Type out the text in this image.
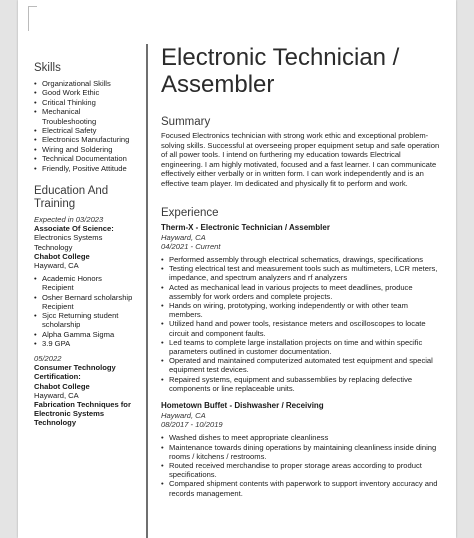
Skills
• Organizational Skills
• Good Work Ethic
• Critical Thinking
• Mechanical Troubleshooting
• Electrical Safety
• Electronics Manufacturing
• Wiring and Soldering
• Technical Documentation
• Friendly, Positive Attitude
Education And Training
Expected in 03/2023
Associate Of Science:
Electronics Systems Technology
Chabot College
Hayward, CA
• Academic Honors Recipient
• Osher Bernard scholarship Recipient
• Sjcc Returning student scholarship
• Alpha Gamma Sigma
• 3.9 GPA
05/2022
Consumer Technology Certification:
Chabot College
Hayward, CA
Fabrication Techniques for Electronic Systems Technology
Electronic Technician / Assembler
Summary
Focused Electronics technician with strong work ethic and exceptional problem-solving skills. Successful at overseeing proper equipment setup and safe operation of all power tools. I intend on furthering my education towards Electrical engineering. I am highly motivated, focused and a fast learner. I can communicate effectively either verbally or in written form. I can work independently and is an effective team player. Im dedicated and physically fit to perform and work.
Experience
Therm-X - Electronic Technician / Assembler
Hayward, CA
04/2021 - Current
• Performed assembly through electrical schematics, drawings, specifications
• Testing electrical test and measurement tools such as multimeters, LCR meters, impedance, and spectrum analyzers and rf analyzers
• Acted as mechanical lead in various projects to meet deadlines, produce assembly for work orders and complete projects.
• Hands on wiring, prototyping, working independently or with other team members.
• Utilized hand and power tools, resistance meters and oscilloscopes to locate circuit and component faults.
• Led teams to complete large installation projects on time and within specific parameters outlined in customer documentation.
• Operated and maintained computerized automated test equipment and special equipment test devices.
• Repaired systems, equipment and subassemblies by replacing defective components or line replaceable units.
Hometown Buffet - Dishwasher / Receiving
Hayward, CA
08/2017 - 10/2019
• Washed dishes to meet appropriate cleanliness
• Maintenance towards dining operations by maintaining cleanliness inside dining rooms / kitchens / restrooms.
• Routed received merchandise to proper storage areas according to product specifications.
• Compared shipment contents with paperwork to support inventory accuracy and records management.
